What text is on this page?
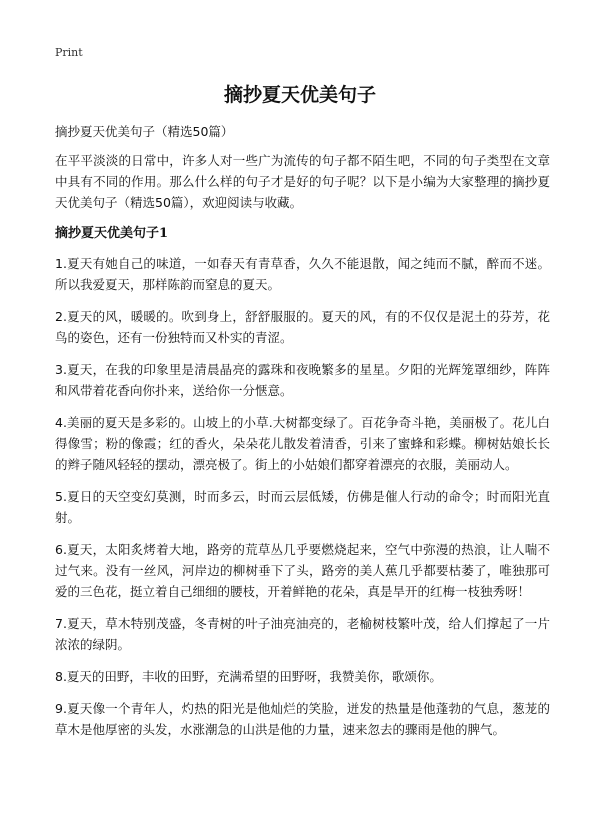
Print
摘抄夏天优美句子

摘抄夏天优美句子（精选50篇）

在平平淡淡的日常中，许多人对一些广为流传的句子都不陌生吧，不同的句子类型在文章中具有不同的作用。那么什么样的句子才是好的句子呢？以下是小编为大家整理的摘抄夏天优美句子（精选50篇），欢迎阅读与收藏。

摘抄夏天优美句子1

1.夏天有她自己的味道，一如春天有青草香，久久不能退散，闻之纯而不腻，醉而不迷。所以我爱夏天，那样陈韵而窒息的夏天。

2.夏天的风，暖暖的。吹到身上，舒舒服服的。夏天的风，有的不仅仅是泥土的芬芳，花鸟的姿色，还有一份独特而又朴实的青涩。

3.夏天，在我的印象里是清晨晶亮的露珠和夜晚繁多的星星。夕阳的光辉笼罩细纱，阵阵和风带着花香向你扑来，送给你一分惬意。

4.美丽的夏天是多彩的。山坡上的小草.大树都变绿了。百花争奇斗艳，美丽极了。花儿白得像雪；粉的像霞；红的香火，朵朵花儿散发着清香，引来了蜜蜂和彩蝶。柳树姑娘长长的辫子随风轻轻的摆动，漂亮极了。街上的小姑娘们都穿着漂亮的衣服，美丽动人。

5.夏日的天空变幻莫测，时而多云，时而云层低矮，仿佛是催人行动的命令；时而阳光直射。

6.夏天，太阳炙烤着大地，路旁的荒草丛几乎要燃烧起来，空气中弥漫的热浪，让人喘不过气来。没有一丝风，河岸边的柳树垂下了头，路旁的美人蕉几乎都要枯萎了，唯独那可爱的三色花，挺立着自己细细的腰枝，开着鲜艳的花朵，真是旱开的红梅一枝独秀呀！

7.夏天，草木特别茂盛，冬青树的叶子油亮油亮的，老榆树枝繁叶茂，给人们撑起了一片浓浓的绿阴。

8.夏天的田野，丰收的田野，充满希望的田野呀，我赞美你，歌颂你。

9.夏天像一个青年人，灼热的阳光是他灿烂的笑脸，迸发的热量是他蓬勃的气息，葱茏的草木是他厚密的头发，水涨潮急的山洪是他的力量，速来忽去的骤雨是他的脾气。
